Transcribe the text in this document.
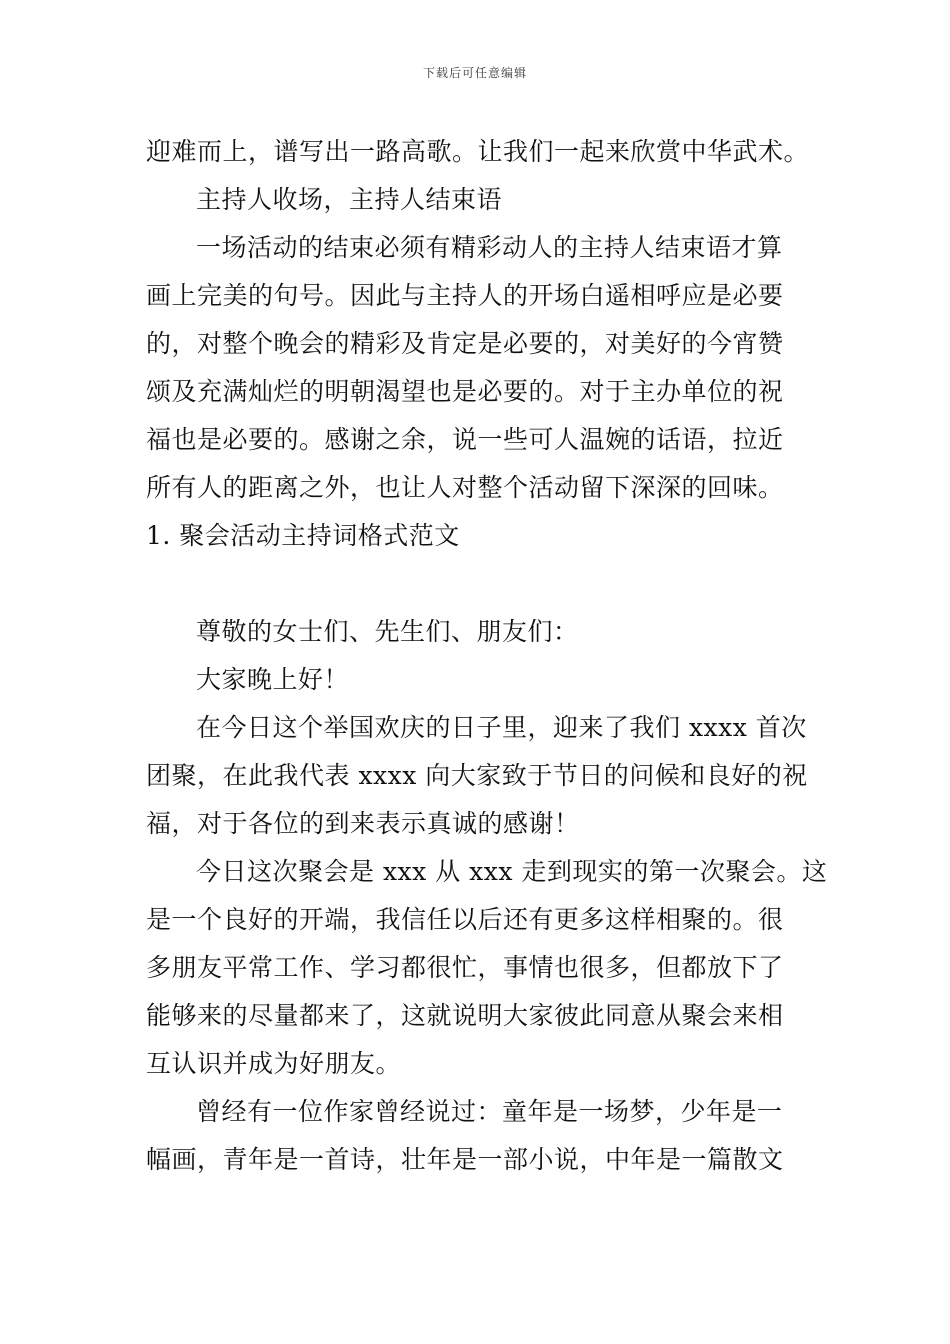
下载后可任意编辑
迎难而上，谱写出一路高歌。让我们一起来欣赏中华武术。
主持人收场，主持人结束语
一场活动的结束必须有精彩动人的主持人结束语才算
画上完美的句号。因此与主持人的开场白遥相呼应是必要
的，对整个晚会的精彩及肯定是必要的，对美好的今宵赞
颂及充满灿烂的明朝渴望也是必要的。对于主办单位的祝
福也是必要的。感谢之余，说一些可人温婉的话语，拉近
所有人的距离之外，也让人对整个活动留下深深的回味。
1. 聚会活动主持词格式范文
尊敬的女士们、先生们、朋友们：
大家晚上好！
在今日这个举国欢庆的日子里，迎来了我们 xxxx 首次
团聚，在此我代表 xxxx 向大家致于节日的问候和良好的祝
福，对于各位的到来表示真诚的感谢！
今日这次聚会是 xxx 从 xxx 走到现实的第一次聚会。这
是一个良好的开端，我信任以后还有更多这样相聚的。很
多朋友平常工作、学习都很忙，事情也很多，但都放下了
能够来的尽量都来了，这就说明大家彼此同意从聚会来相
互认识并成为好朋友。
曾经有一位作家曾经说过：童年是一场梦，少年是一
幅画，青年是一首诗，壮年是一部小说，中年是一篇散文
